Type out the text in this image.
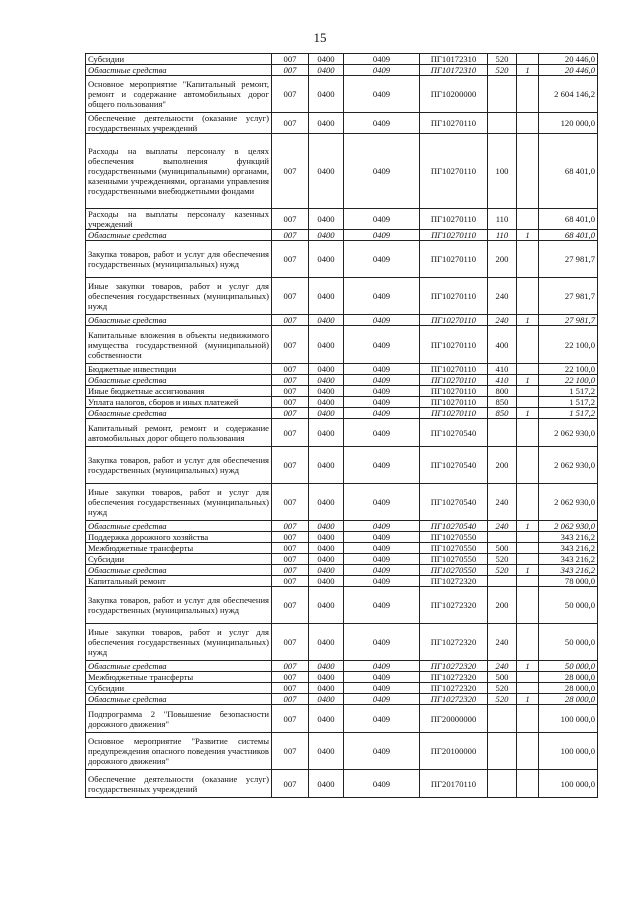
15
Субсидии	007	0400	0409	ПГ10172310	520		20 446,0
Областные средства	007	0400	0409	ПГ10172310	520	1	20 446,0
Основное мероприятие "Капитальный ремонт, ремонт и содержание автомобильных дорог общего пользования"	007	0400	0409	ПГ10200000			2 604 146,2
Обеспечение деятельности (оказание услуг) государственных учреждений	007	0400	0409	ПГ10270110			120 000,0
Расходы на выплаты персоналу в целях обеспечения выполнения функций государственными (муниципальными) органами, казенными учреждениями, органами управления государственными внебюджетными фондами	007	0400	0409	ПГ10270110	100		68 401,0
Расходы на выплаты персоналу казенных учреждений	007	0400	0409	ПГ10270110	110		68 401,0
Областные средства	007	0400	0409	ПГ10270110	110	1	68 401,0
Закупка товаров, работ и услуг для обеспечения государственных (муниципальных) нужд	007	0400	0409	ПГ10270110	200		27 981,7
Иные закупки товаров, работ и услуг для обеспечения государственных (муниципальных) нужд	007	0400	0409	ПГ10270110	240		27 981,7
Областные средства	007	0400	0409	ПГ10270110	240	1	27 981,7
Капитальные вложения в объекты недвижимого имущества государственной (муниципальной) собственности	007	0400	0409	ПГ10270110	400		22 100,0
Бюджетные инвестиции	007	0400	0409	ПГ10270110	410		22 100,0
Областные средства	007	0400	0409	ПГ10270110	410	1	22 100,0
Иные бюджетные ассигнования	007	0400	0409	ПГ10270110	800		1 517,2
Уплата налогов, сборов и иных платежей	007	0400	0409	ПГ10270110	850		1 517,2
Областные средства	007	0400	0409	ПГ10270110	850	1	1 517,2
Капитальный ремонт, ремонт и содержание автомобильных дорог общего пользования	007	0400	0409	ПГ10270540			2 062 930,0
Закупка товаров, работ и услуг для обеспечения государственных (муниципальных) нужд	007	0400	0409	ПГ10270540	200		2 062 930,0
Иные закупки товаров, работ и услуг для обеспечения государственных (муниципальных) нужд	007	0400	0409	ПГ10270540	240		2 062 930,0
Областные средства	007	0400	0409	ПГ10270540	240	1	2 062 930,0
Поддержка дорожного хозяйства	007	0400	0409	ПГ10270550			343 216,2
Межбюджетные трансферты	007	0400	0409	ПГ10270550	500		343 216,2
Субсидии	007	0400	0409	ПГ10270550	520		343 216,2
Областные средства	007	0400	0409	ПГ10270550	520	1	343 216,2
Капитальный ремонт	007	0400	0409	ПГ10272320			78 000,0
Закупка товаров, работ и услуг для обеспечения государственных (муниципальных) нужд	007	0400	0409	ПГ10272320	200		50 000,0
Иные закупки товаров, работ и услуг для обеспечения государственных (муниципальных) нужд	007	0400	0409	ПГ10272320	240		50 000,0
Областные средства	007	0400	0409	ПГ10272320	240	1	50 000,0
Межбюджетные трансферты	007	0400	0409	ПГ10272320	500		28 000,0
Субсидии	007	0400	0409	ПГ10272320	520		28 000,0
Областные средства	007	0400	0409	ПГ10272320	520	1	28 000,0
Подпрограмма 2 "Повышение безопасности дорожного движения"	007	0400	0409	ПГ20000000			100 000,0
Основное мероприятие "Развитие системы предупреждения опасного поведения участников дорожного движения"	007	0400	0409	ПГ20100000			100 000,0
Обеспечение деятельности (оказание услуг) государственных учреждений	007	0400	0409	ПГ20170110			100 000,0
